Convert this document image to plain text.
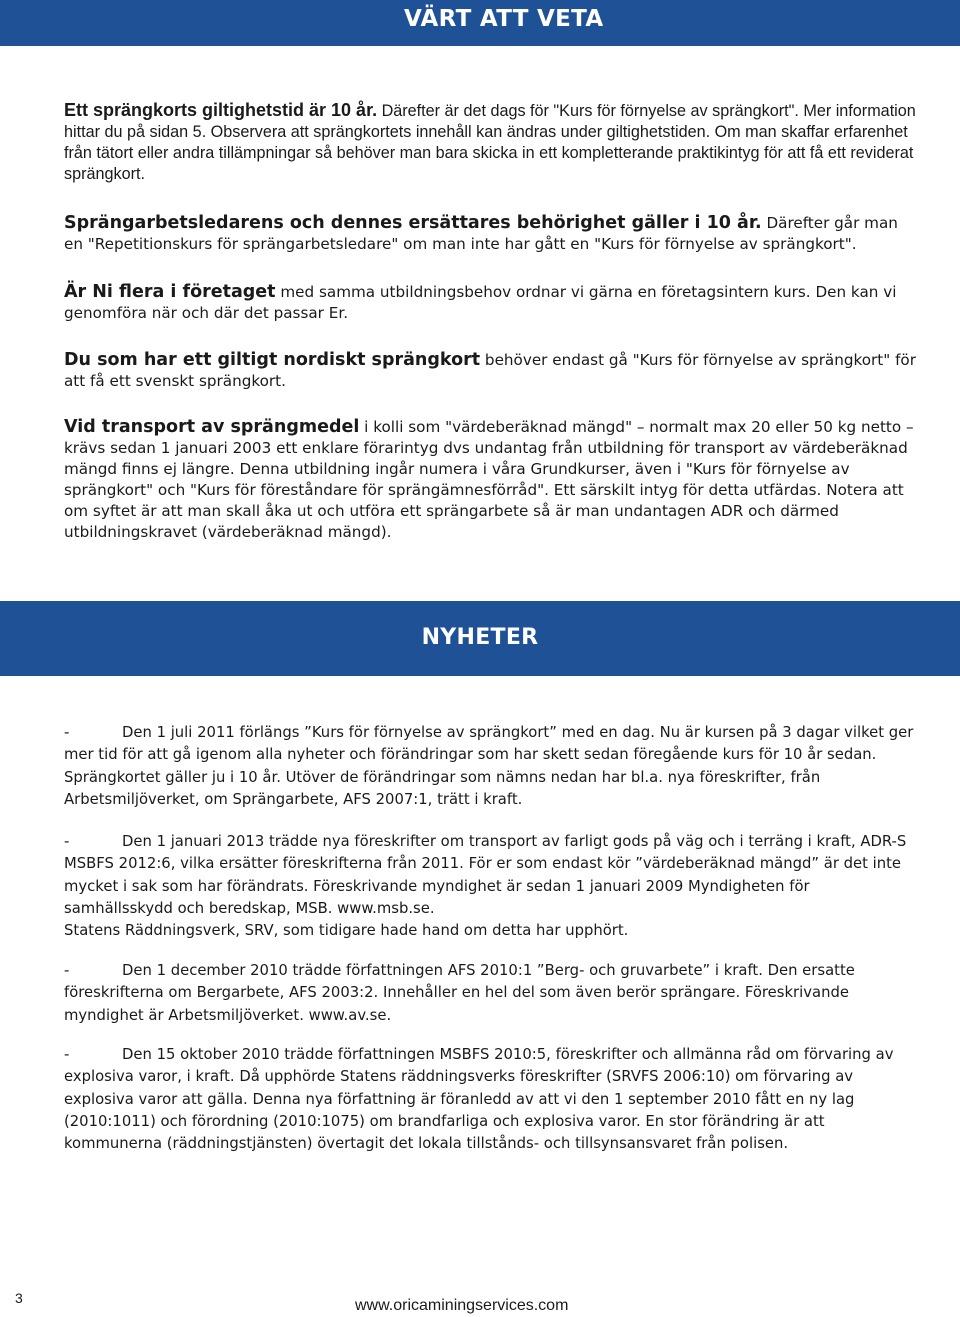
VÄRT ATT VETA
Ett sprängkorts giltighetstid är 10 år. Därefter är det dags för "Kurs för förnyelse av sprängkort". Mer information hittar du på sidan 5. Observera att sprängkortets innehåll kan ändras under giltighetstiden. Om man skaffar erfarenhet från tätort eller andra tillämpningar så behöver man bara skicka in ett kompletterande praktikintyg för att få ett reviderat sprängkort.
Sprängarbetsledarens och dennes ersättares behörighet gäller i 10 år. Därefter går man en "Repetitionskurs för sprängarbetsledare" om man inte har gått en "Kurs för förnyelse av sprängkort".
Är Ni flera i företaget med samma utbildningsbehov ordnar vi gärna en företagsintern kurs. Den kan vi genomföra när och där det passar Er.
Du som har ett giltigt nordiskt sprängkort behöver endast gå "Kurs för förnyelse av sprängkort" för att få ett svenskt sprängkort.
Vid transport av sprängmedel i kolli som "värdeberäknad mängd" – normalt max 20 eller 50 kg netto – krävs sedan 1 januari 2003 ett enklare förarintyg dvs undantag från utbildning för transport av värdeberäknad mängd finns ej längre. Denna utbildning ingår numera i våra Grundkurser, även i "Kurs för förnyelse av sprängkort" och "Kurs för föreståndare för sprängämnesförråd". Ett särskilt intyg för detta utfärdas. Notera att om syftet är att man skall åka ut och utföra ett sprängarbete så är man undantagen ADR och därmed utbildningskravet (värdeberäknad mängd).
NYHETER
-	Den 1 juli 2011 förlängs ”Kurs för förnyelse av sprängkort” med en dag. Nu är kursen på 3 dagar vilket ger mer tid för att gå igenom alla nyheter och förändringar som har skett sedan föregående kurs för 10 år sedan. Sprängkortet gäller ju i 10 år. Utöver de förändringar som nämns nedan har bl.a. nya föreskrifter, från Arbetsmiljöverket, om Sprängarbete, AFS 2007:1, trätt i kraft.
-	Den 1 januari 2013 trädde nya föreskrifter om transport av farligt gods på väg och i terräng i kraft, ADR-S MSBFS 2012:6, vilka ersätter föreskrifterna från 2011. För er som endast kör ”värdeberäknad mängd” är det inte mycket i sak som har förändrats. Föreskrivande myndighet är sedan 1 januari 2009 Myndigheten för samhällsskydd och beredskap, MSB. www.msb.se.
Statens Räddningsverk, SRV, som tidigare hade hand om detta har upphört.
-	Den 1 december 2010 trädde författningen AFS 2010:1 ”Berg- och gruvarbete” i kraft. Den ersatte föreskrifterna om Bergarbete, AFS 2003:2. Innehåller en hel del som även berör sprängare. Föreskrivande myndighet är Arbetsmiljöverket. www.av.se.
-	Den 15 oktober 2010 trädde författningen MSBFS 2010:5, föreskrifter och allmänna råd om förvaring av explosiva varor, i kraft. Då upphörde Statens räddningsverks föreskrifter (SRVFS 2006:10) om förvaring av explosiva varor att gälla. Denna nya författning är föranledd av att vi den 1 september 2010 fått en ny lag (2010:1011) och förordning (2010:1075) om brandfarliga och explosiva varor. En stor förändring är att kommunerna (räddningstjänsten) övertagit det lokala tillstånds- och tillsynsansvaret från polisen.
3	www.oricaminingservices.com
